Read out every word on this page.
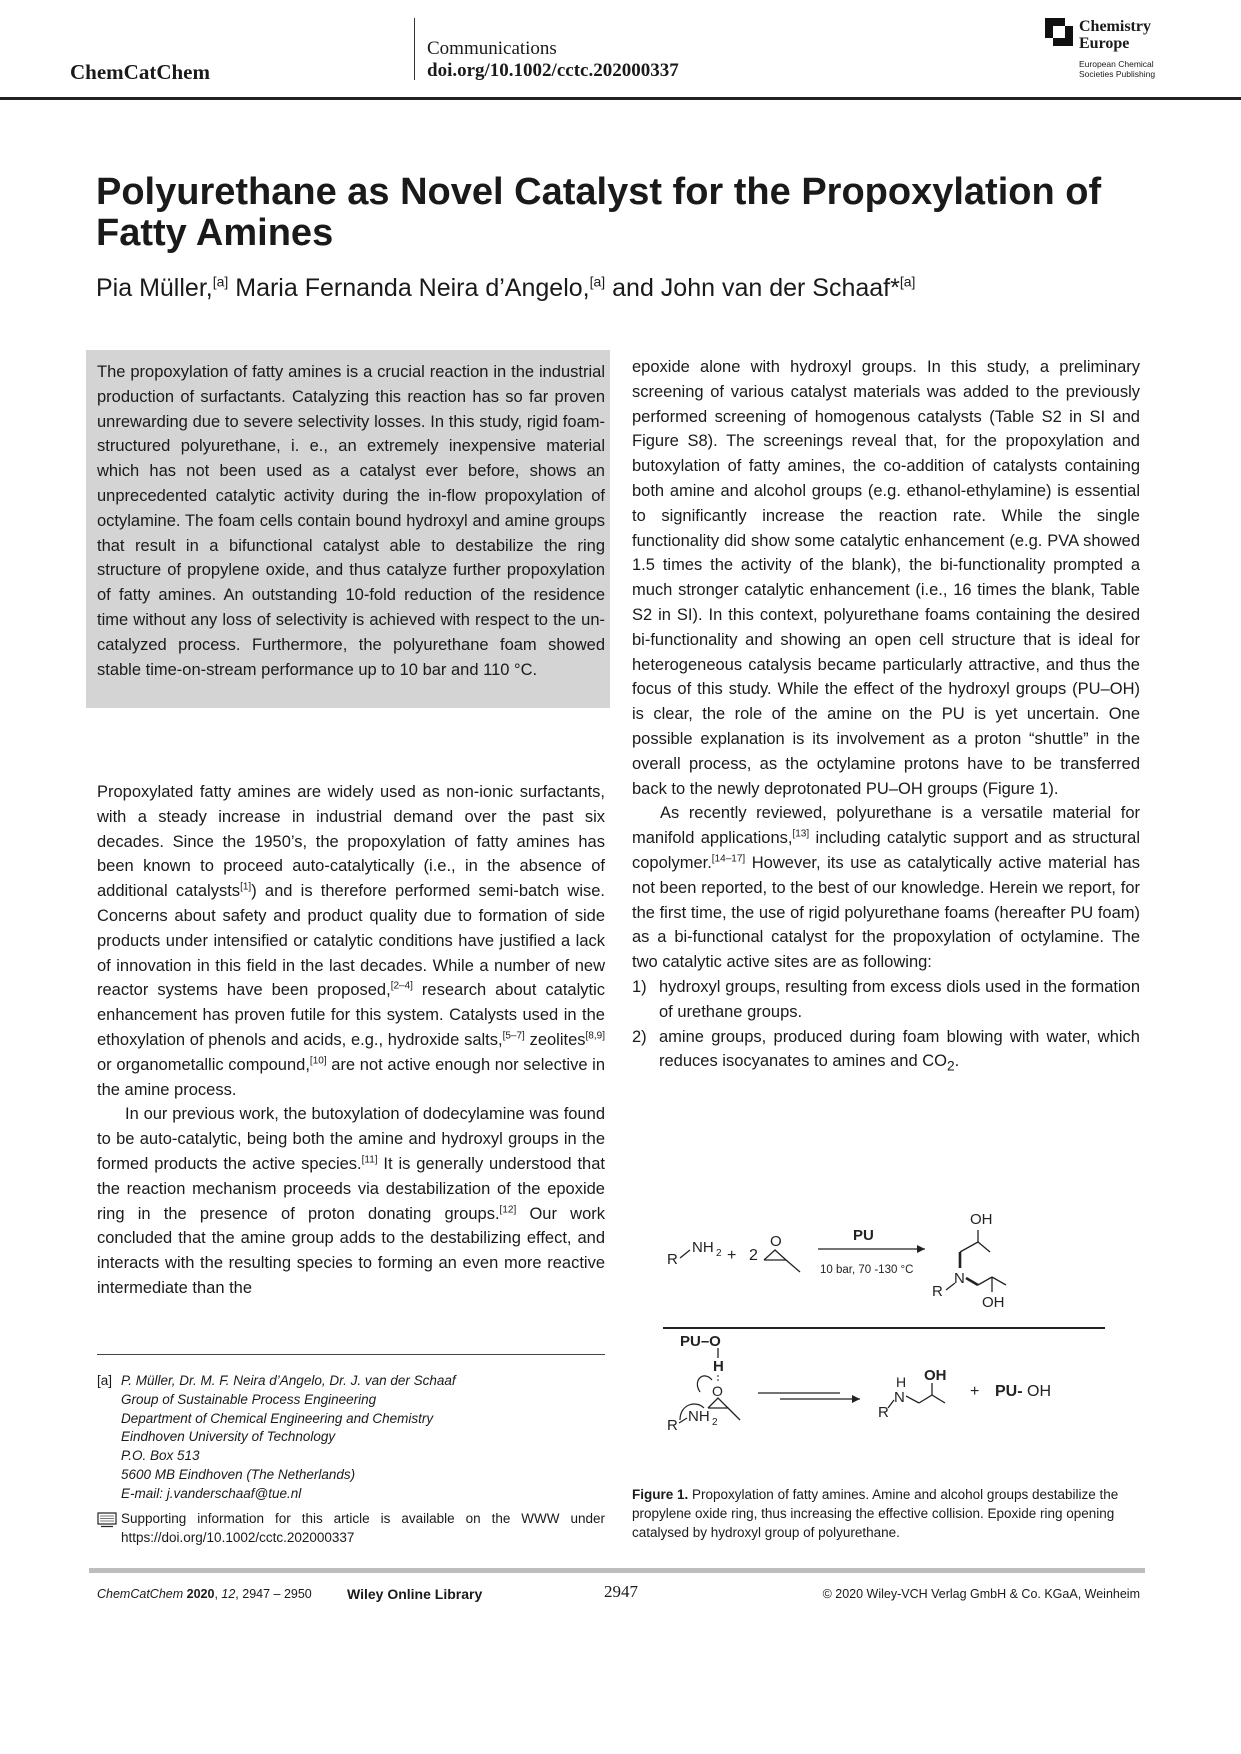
ChemCatChem
Communications
doi.org/10.1002/cctc.202000337
Chemistry
Europe
European Chemical
Societies Publishing
Polyurethane as Novel Catalyst for the Propoxylation of Fatty Amines
Pia Müller,[a] Maria Fernanda Neira d’Angelo,[a] and John van der Schaaf*[a]
The propoxylation of fatty amines is a crucial reaction in the industrial production of surfactants. Catalyzing this reaction has so far proven unrewarding due to severe selectivity losses. In this study, rigid foam-structured polyurethane, i. e., an extremely inexpensive material which has not been used as a catalyst ever before, shows an unprecedented catalytic activity during the in-flow propoxylation of octylamine. The foam cells contain bound hydroxyl and amine groups that result in a bifunctional catalyst able to destabilize the ring structure of propylene oxide, and thus catalyze further propoxylation of fatty amines. An outstanding 10-fold reduction of the residence time without any loss of selectivity is achieved with respect to the un-catalyzed process. Furthermore, the polyurethane foam showed stable time-on-stream performance up to 10 bar and 110 °C.

Propoxylated fatty amines are widely used as non-ionic surfactants, with a steady increase in industrial demand over the past six decades. Since the 1950’s, the propoxylation of fatty amines has been known to proceed auto-catalytically (i.e., in the absence of additional catalysts[1]) and is therefore performed semi-batch wise. Concerns about safety and product quality due to formation of side products under intensified or catalytic conditions have justified a lack of innovation in this field in the last decades. While a number of new reactor systems have been proposed,[2–4] research about catalytic enhancement has proven futile for this system. Catalysts used in the ethoxylation of phenols and acids, e.g., hydroxide salts,[5–7] zeolites[8,9] or organometallic compound,[10] are not active enough nor selective in the amine process.

In our previous work, the butoxylation of dodecylamine was found to be auto-catalytic, being both the amine and hydroxyl groups in the formed products the active species.[11] It is generally understood that the reaction mechanism proceeds via destabilization of the epoxide ring in the presence of proton donating groups.[12] Our work concluded that the amine group adds to the destabilizing effect, and interacts with the resulting species to forming an even more reactive intermediate than the

epoxide alone with hydroxyl groups. In this study, a preliminary screening of various catalyst materials was added to the previously performed screening of homogenous catalysts (Table S2 in SI and Figure S8). The screenings reveal that, for the propoxylation and butoxylation of fatty amines, the co-addition of catalysts containing both amine and alcohol groups (e.g. ethanol-ethylamine) is essential to significantly increase the reaction rate. While the single functionality did show some catalytic enhancement (e.g. PVA showed 1.5 times the activity of the blank), the bi-functionality prompted a much stronger catalytic enhancement (i.e., 16 times the blank, Table S2 in SI). In this context, polyurethane foams containing the desired bi-functionality and showing an open cell structure that is ideal for heterogeneous catalysis became particularly attractive, and thus the focus of this study. While the effect of the hydroxyl groups (PU–OH) is clear, the role of the amine on the PU is yet uncertain. One possible explanation is its involvement as a proton “shuttle” in the overall process, as the octylamine protons have to be transferred back to the newly deprotonated PU–OH groups (Figure 1).

As recently reviewed, polyurethane is a versatile material for manifold applications,[13] including catalytic support and as structural copolymer.[14–17] However, its use as catalytically active material has not been reported, to the best of our knowledge. Herein we report, for the first time, the use of rigid polyurethane foams (hereafter PU foam) as a bi-functional catalyst for the propoxylation of octylamine. The two catalytic active sites are as following:

1) hydroxyl groups, resulting from excess diols used in the formation of urethane groups.
2) amine groups, produced during foam blowing with water, which reduces isocyanates to amines and $CO_2$.
R
NH 2 + 2
O	PU
10 bar, 70 -130 °C
OH
N
R
OH
PU–O
H
O
R
NH 2
H
N
R
OH
+ PU- OH
Figure 1. Propoxylation of fatty amines. Amine and alcohol groups destabilize the propylene oxide ring, thus increasing the effective collision. Epoxide ring opening catalysed by hydroxyl group of polyurethane.
[a] P. Müller, Dr. M. F. Neira d’Angelo, Dr. J. van der Schaaf
Group of Sustainable Process Engineering
Department of Chemical Engineering and Chemistry
Eindhoven University of Technology
P.O. Box 513
5600 MB Eindhoven (The Netherlands)
E-mail: j.vanderschaaf@tue.nl
Supporting information for this article is available on the WWW under https://doi.org/10.1002/cctc.202000337
ChemCatChem 2020, 12, 2947 – 2950	Wiley Online Library	2947	© 2020 Wiley-VCH Verlag GmbH & Co. KGaA, Weinheim
